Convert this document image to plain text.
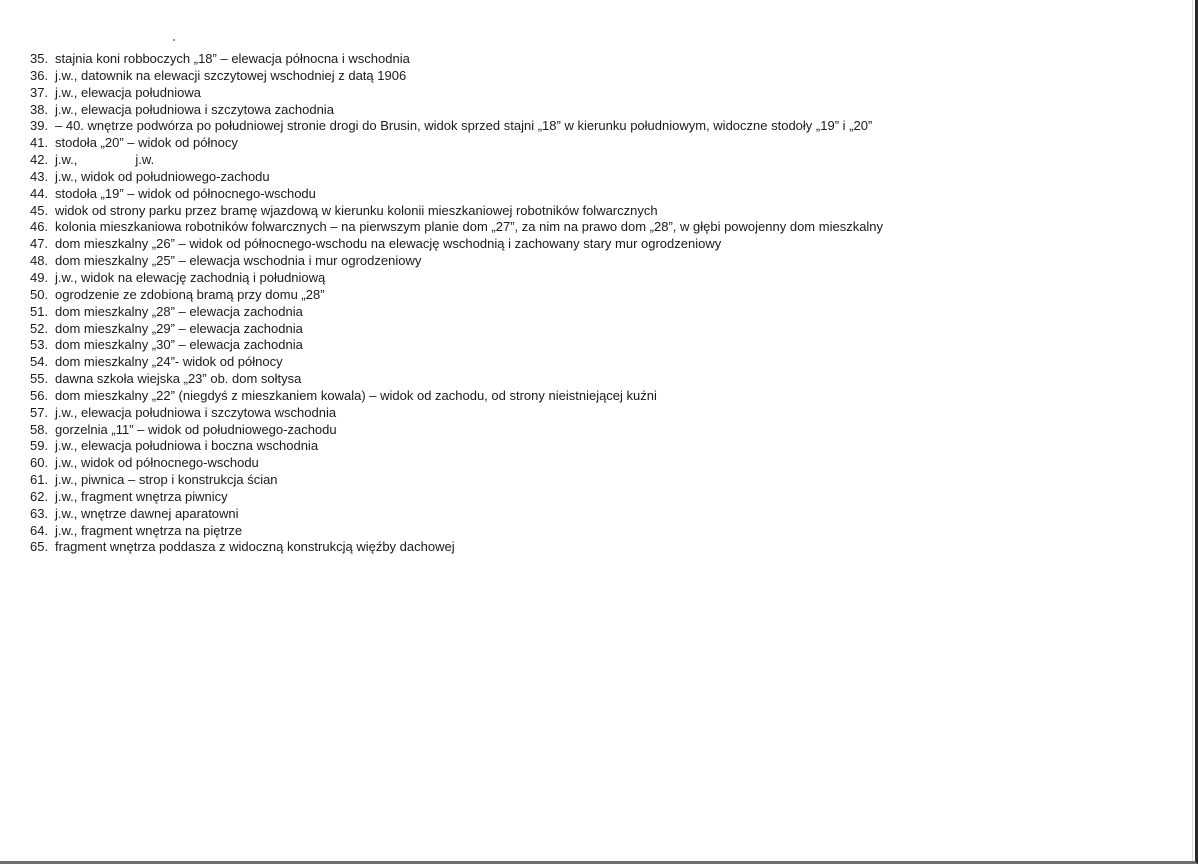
35. stajnia koni robboczych „18” – elewacja północna i wschodnia
36. j.w., datownik na elewacji szczytowej wschodniej z datą 1906
37. j.w., elewacja południowa
38. j.w., elewacja południowa i szczytowa zachodnia
39. – 40. wnętrze podwórza po południowej stronie drogi do Brusin, widok sprzed stajni „18” w kierunku południowym, widoczne stodoły „19” i „20”
41. stodoła „20” – widok od północy
42. j.w.,	j.w.
43. j.w., widok od południowego-zachodu
44. stodoła „19” – widok od północnego-wschodu
45. widok od strony parku przez bramę wjazdową w kierunku kolonii mieszkaniowej robotników folwarcznych
46. kolonia mieszkaniowa robotników folwarcznych – na pierwszym planie dom „27”, za nim na prawo dom „28”, w głębi powojenny dom mieszkalny
47. dom mieszkalny „26” – widok od północnego-wschodu na elewację wschodnią i zachowany stary mur ogrodzeniowy
48. dom mieszkalny „25” – elewacja wschodnia i mur ogrodzeniowy
49. j.w., widok na elewację zachodnią i południową
50. ogrodzenie ze zdobioną bramą przy domu „28”
51. dom mieszkalny „28” – elewacja zachodnia
52. dom mieszkalny „29” – elewacja zachodnia
53. dom mieszkalny „30” – elewacja zachodnia
54. dom mieszkalny „24”- widok od północy
55. dawna szkoła wiejska „23” ob. dom sołtysa
56. dom mieszkalny „22” (niegdyś z mieszkaniem kowala) – widok od zachodu, od strony nieistniejącej kuźni
57. j.w., elewacja południowa i szczytowa wschodnia
58. gorzelnia „11” – widok od południowego-zachodu
59. j.w., elewacja południowa i boczna wschodnia
60. j.w., widok od północnego-wschodu
61. j.w., piwnica – strop i konstrukcja ścian
62. j.w., fragment wnętrza piwnicy
63. j.w., wnętrze dawnej aparatowni
64. j.w., fragment wnętrza na piętrze
65. fragment wnętrza poddasza z widoczną konstrukcją więźby dachowej
